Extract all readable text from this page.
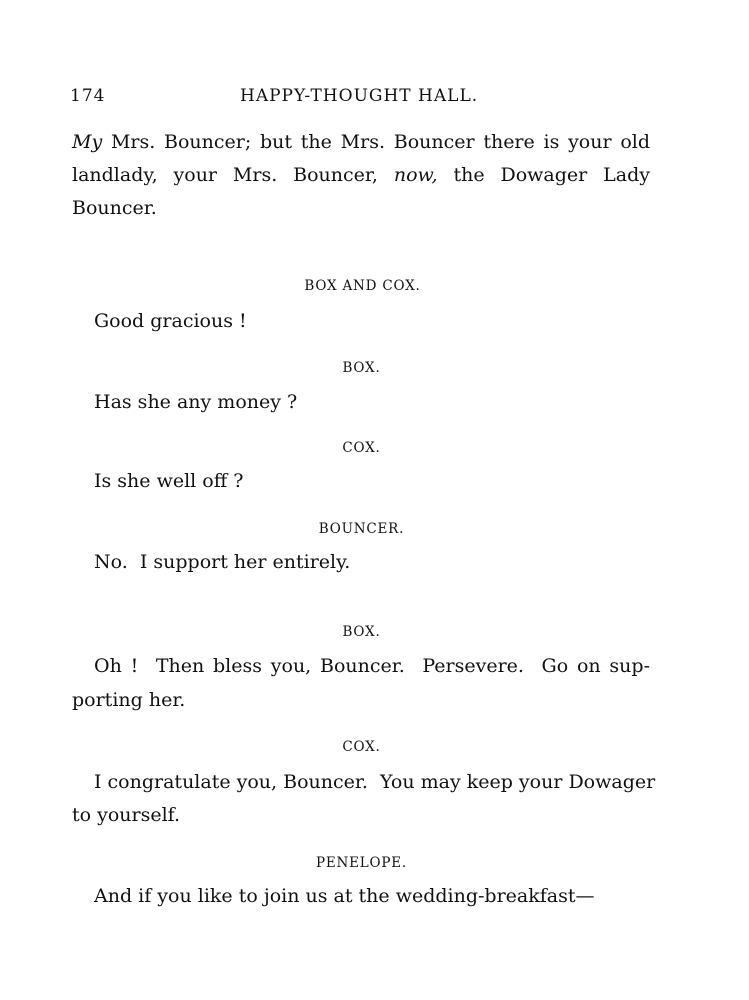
174	HAPPY-THOUGHT HALL.
My Mrs. Bouncer; but the Mrs. Bouncer there is your old
landlady, your Mrs. Bouncer, now, the Dowager Lady
Bouncer.
BOX AND COX.
Good gracious !
BOX.
Has she any money ?
COX.
Is she well off ?
BOUNCER.
No.  I support her entirely.
BOX.
Oh !  Then bless you, Bouncer.  Persevere.  Go on sup-
porting her.
COX.
I congratulate you, Bouncer.  You may keep your Dowager
to yourself.
PENELOPE.
And if you like to join us at the wedding-breakfast—
